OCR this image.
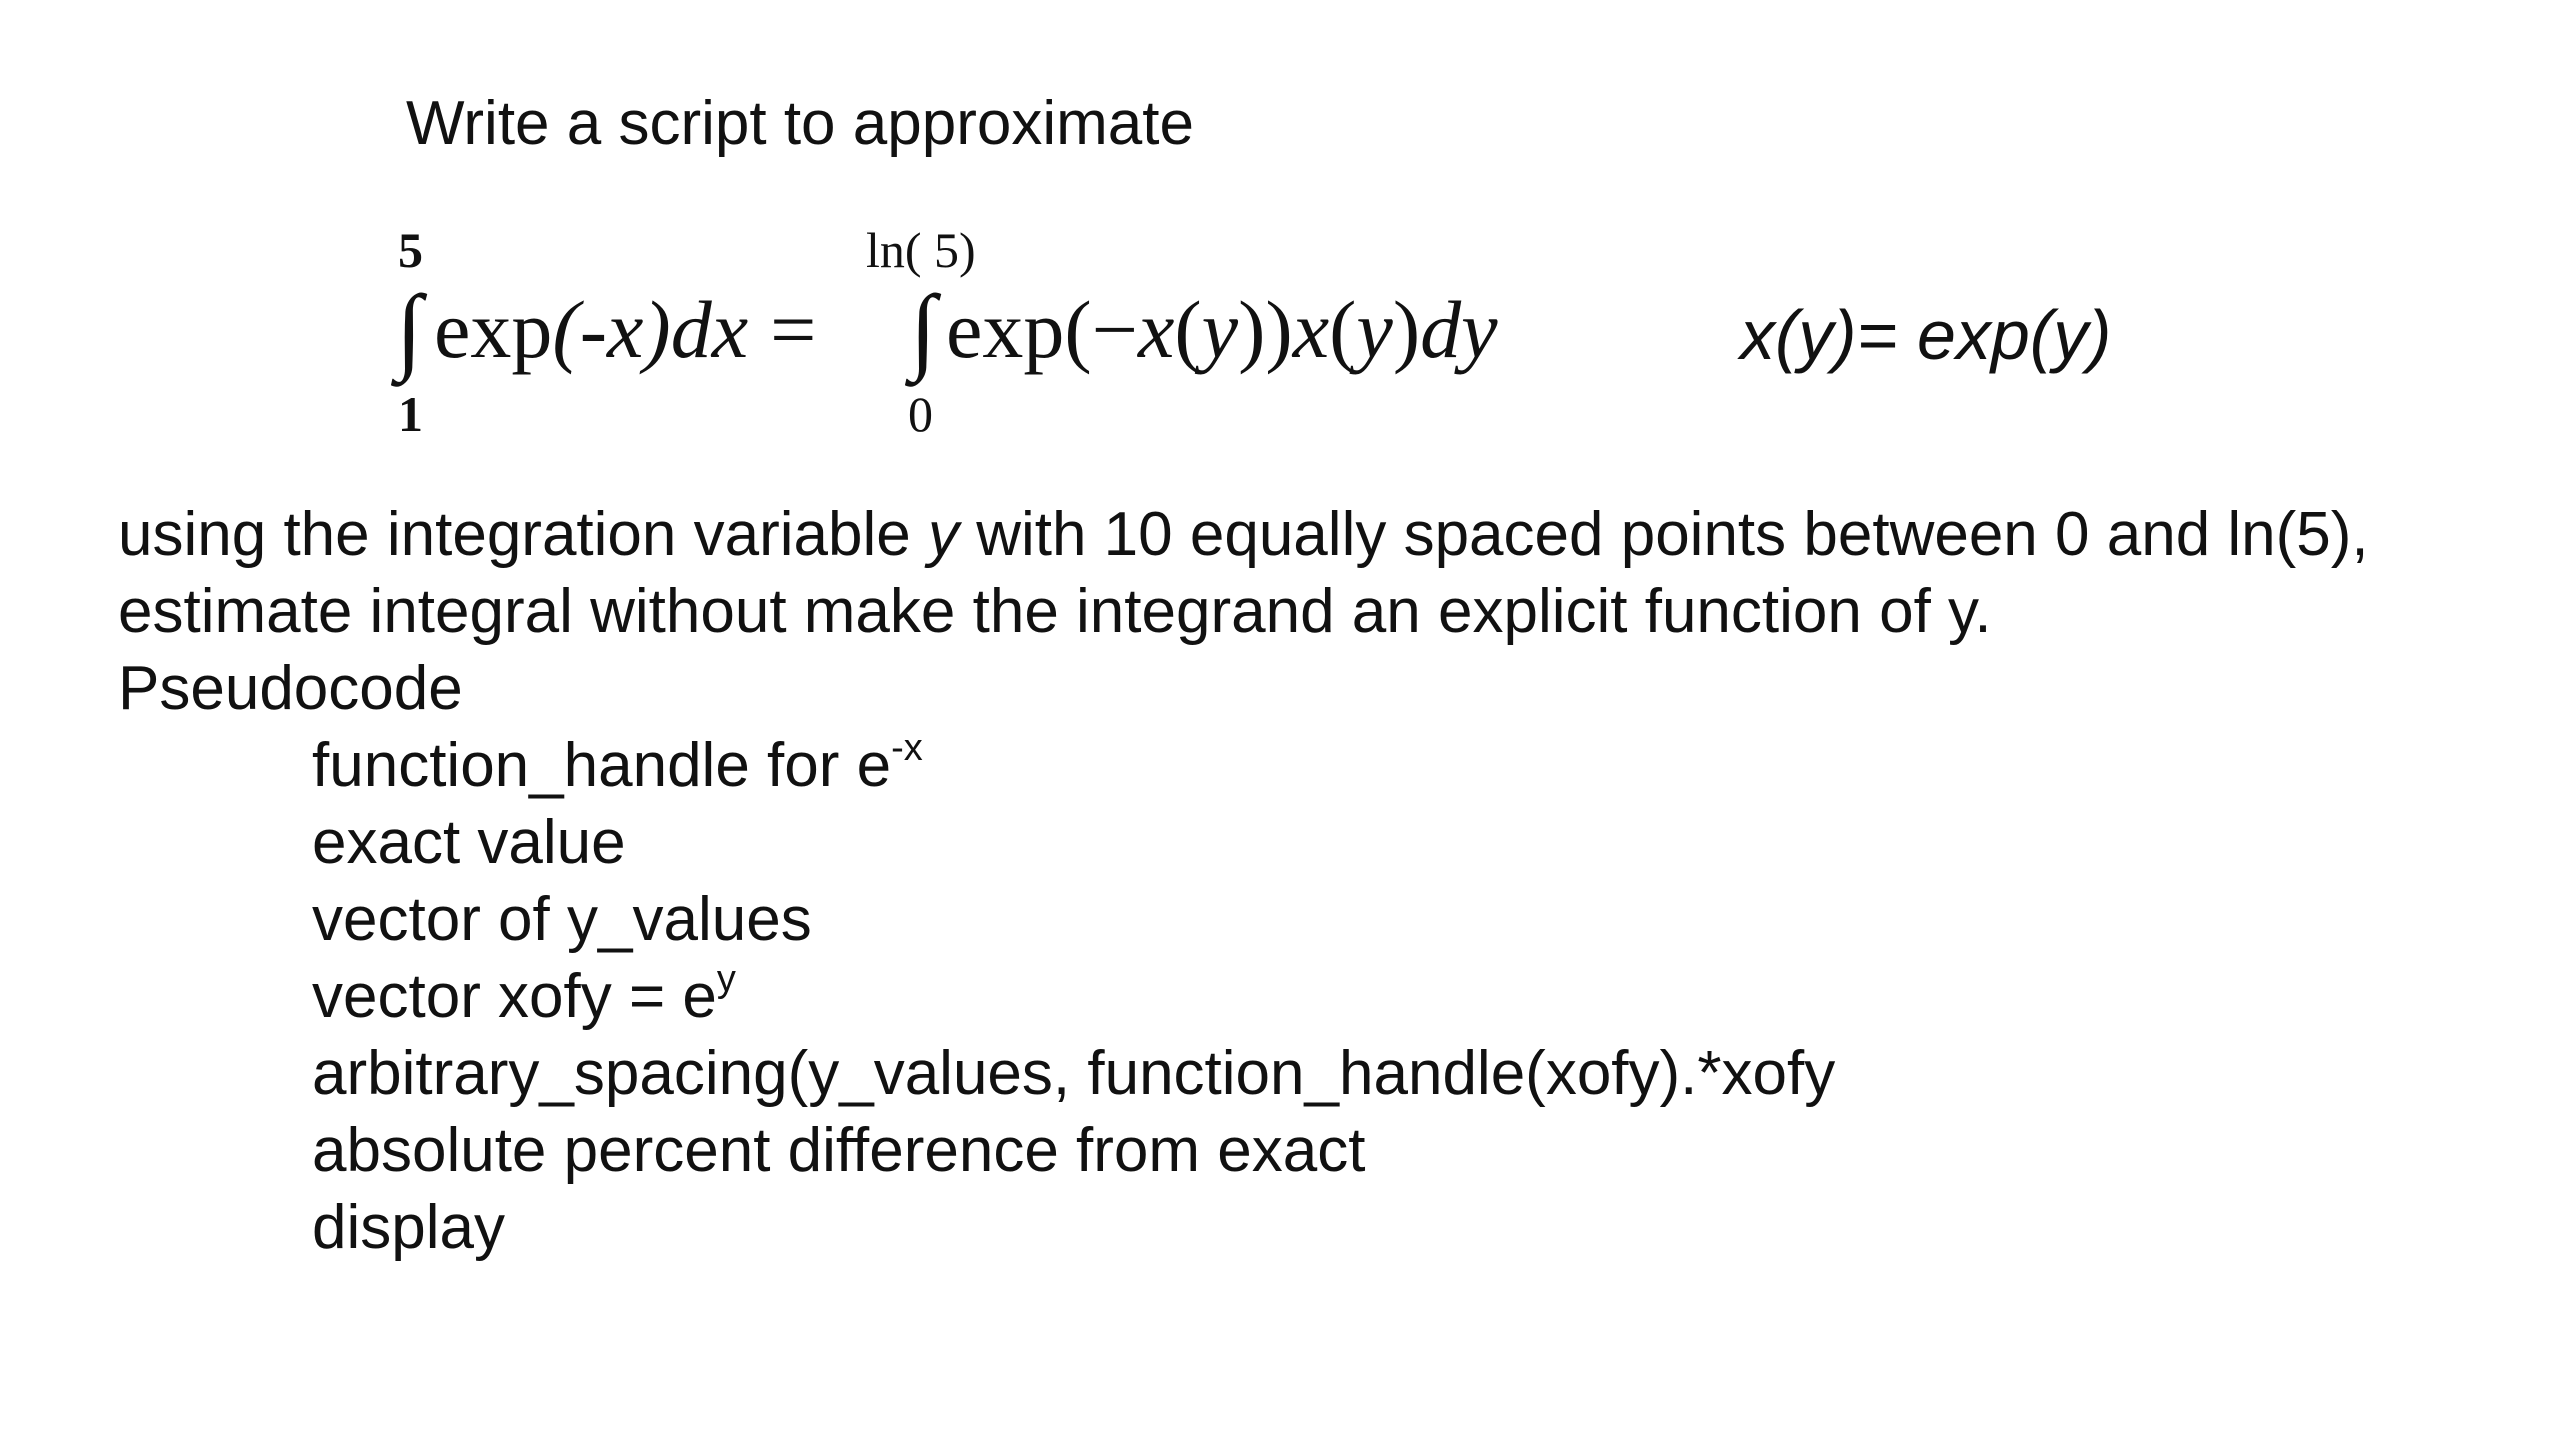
Write a script to approximate
5
∫
1
exp(-x)dx =
ln( 5)
∫
0
exp(−x(y))x(y)dy	x(y)= exp(y)
using the integration variable y with 10 equally spaced points between 0 and ln(5),
estimate integral without make the integrand an explicit function of y.
Pseudocode
function_handle for $e^{-x}$
exact value
vector of y_values
vector xofy = $e^y$
arbitrary_spacing(y_values, function_handle(xofy).*xofy
absolute percent difference from exact
display
